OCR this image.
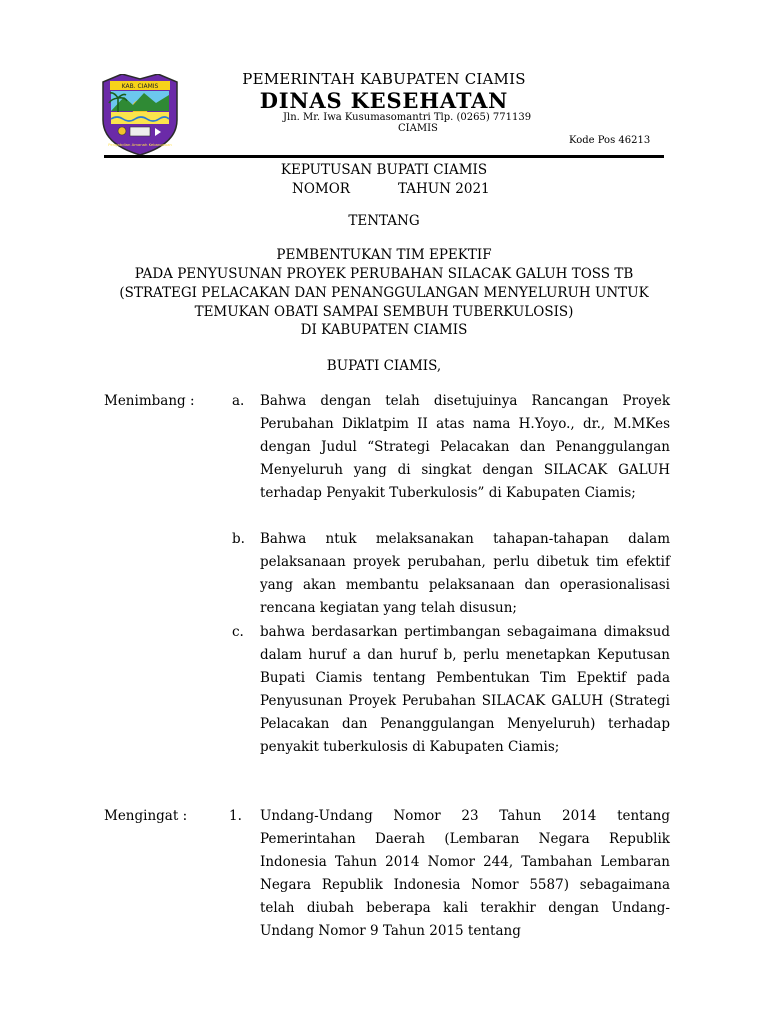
KAB. CIAMIS
Pengabdian Amanah Kebangsaan
PEMERINTAH KABUPATEN CIAMIS
DINAS KESEHATAN
Jln. Mr. Iwa Kusumasomantri Tlp. (0265) 771139
CIAMIS
Kode Pos 46213
KEPUTUSAN BUPATI CIAMIS
NOMOR	TAHUN 2021
TENTANG
PEMBENTUKAN TIM EPEKTIF
PADA PENYUSUNAN PROYEK PERUBAHAN SILACAK GALUH TOSS TB
(STRATEGI PELACAKAN DAN PENANGGULANGAN MENYELURUH UNTUK
TEMUKAN OBATI SAMPAI SEMBUH TUBERKULOSIS)
DI KABUPATEN CIAMIS
BUPATI CIAMIS,
Menimbang :	a. Bahwa dengan telah disetujuinya Rancangan Proyek Perubahan Diklatpim II atas nama H.Yoyo., dr., M.MKes dengan Judul “Strategi Pelacakan dan Penanggulangan Menyeluruh yang di singkat dengan SILACAK GALUH terhadap Penyakit Tuberkulosis” di Kabupaten Ciamis;
b. Bahwa ntuk melaksanakan tahapan-tahapan dalam pelaksanaan proyek perubahan, perlu dibetuk tim efektif yang akan membantu pelaksanaan dan operasionalisasi rencana kegiatan yang telah disusun;
c. bahwa berdasarkan pertimbangan sebagaimana dimaksud dalam huruf a dan huruf b, perlu menetapkan Keputusan Bupati Ciamis tentang Pembentukan Tim Epektif pada Penyusunan Proyek Perubahan SILACAK GALUH (Strategi Pelacakan dan Penanggulangan Menyeluruh) terhadap penyakit tuberkulosis di Kabupaten Ciamis;
Mengingat :	1. Undang-Undang Nomor 23 Tahun 2014 tentang Pemerintahan Daerah (Lembaran Negara Republik Indonesia Tahun 2014 Nomor 244, Tambahan Lembaran Negara Republik Indonesia Nomor 5587) sebagaimana telah diubah beberapa kali terakhir dengan Undang-Undang Nomor 9 Tahun 2015 tentang
